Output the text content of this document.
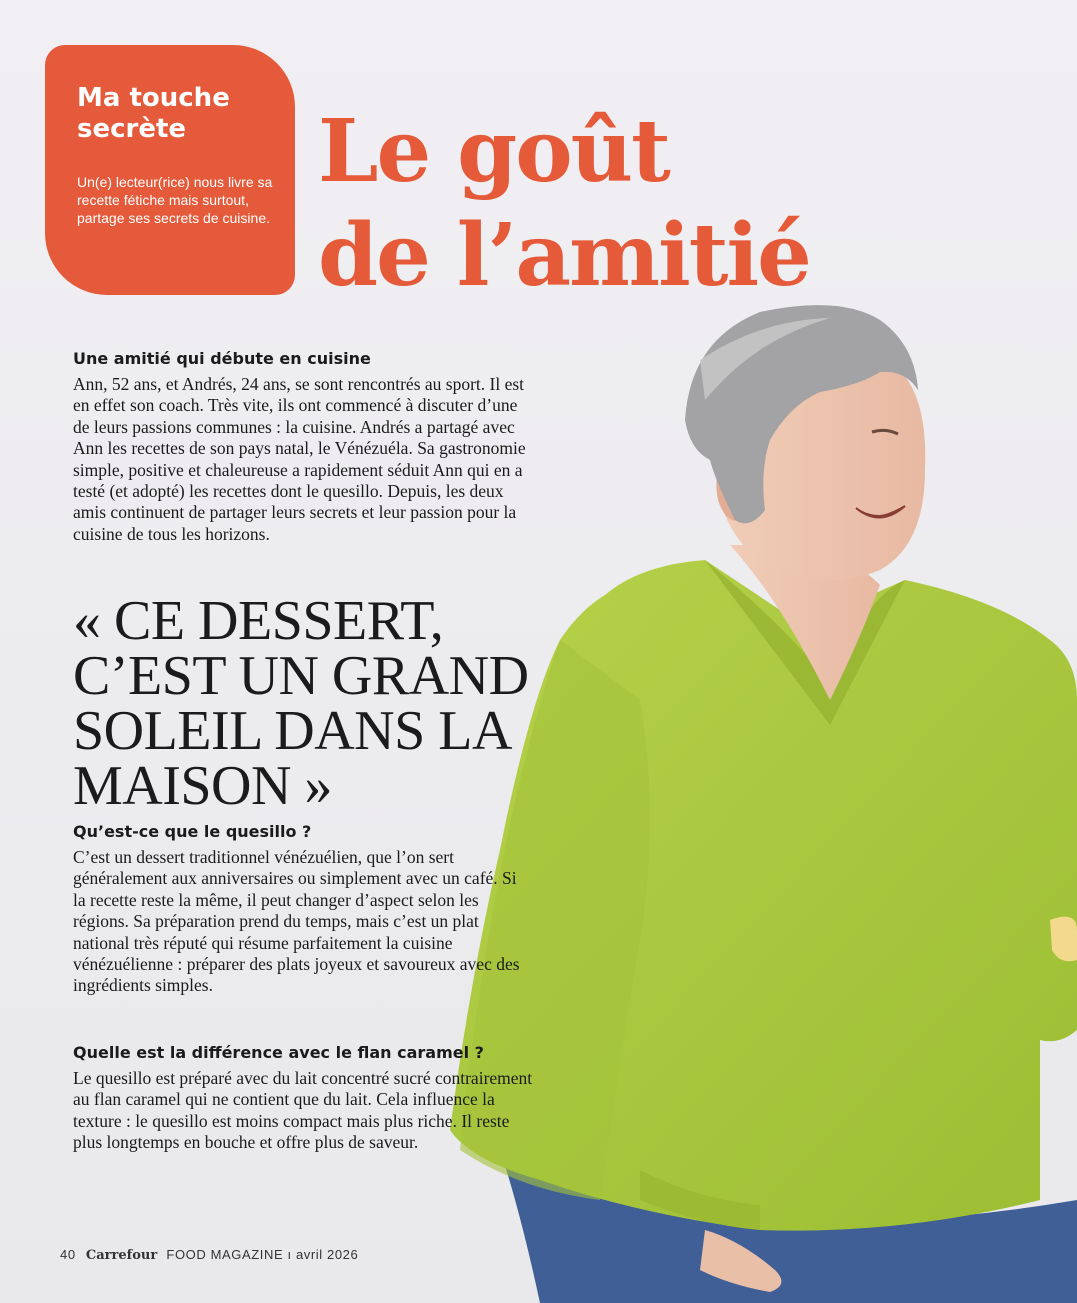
Ma touche secrète
Un(e) lecteur(rice) nous livre sa recette fétiche mais surtout, partage ses secrets de cuisine.
Le goût
de l’amitié
Une amitié qui débute en cuisine
Ann, 52 ans, et Andrés, 24 ans, se sont rencontrés au sport. Il est en effet son coach. Très vite, ils ont commencé à discuter d’une de leurs passions communes : la cuisine. Andrés a partagé avec Ann les recettes de son pays natal, le Vénézuéla. Sa gastronomie simple, positive et chaleureuse a rapidement séduit Ann qui en a testé (et adopté) les recettes dont le quesillo. Depuis, les deux amis continuent de partager leurs secrets et leur passion pour la cuisine de tous les horizons.
« CE DESSERT, C’EST UN GRAND SOLEIL DANS LA MAISON »
Qu’est-ce que le quesillo ?
C’est un dessert traditionnel vénézuélien, que l’on sert généralement aux anniversaires ou simplement avec un café. Si la recette reste la même, il peut changer d’aspect selon les régions. Sa préparation prend du temps, mais c’est un plat national très réputé qui résume parfaitement la cuisine vénézuélienne : préparer des plats joyeux et savoureux avec des ingrédients simples.
Quelle est la différence avec le flan caramel ?
Le quesillo est préparé avec du lait concentré sucré contrairement au flan caramel qui ne contient que du lait. Cela influence la texture : le quesillo est moins compact mais plus riche. Il reste plus longtemps en bouche et offre plus de saveur.
40 Carrefour FOOD MAGAZINE ı avril 2026
